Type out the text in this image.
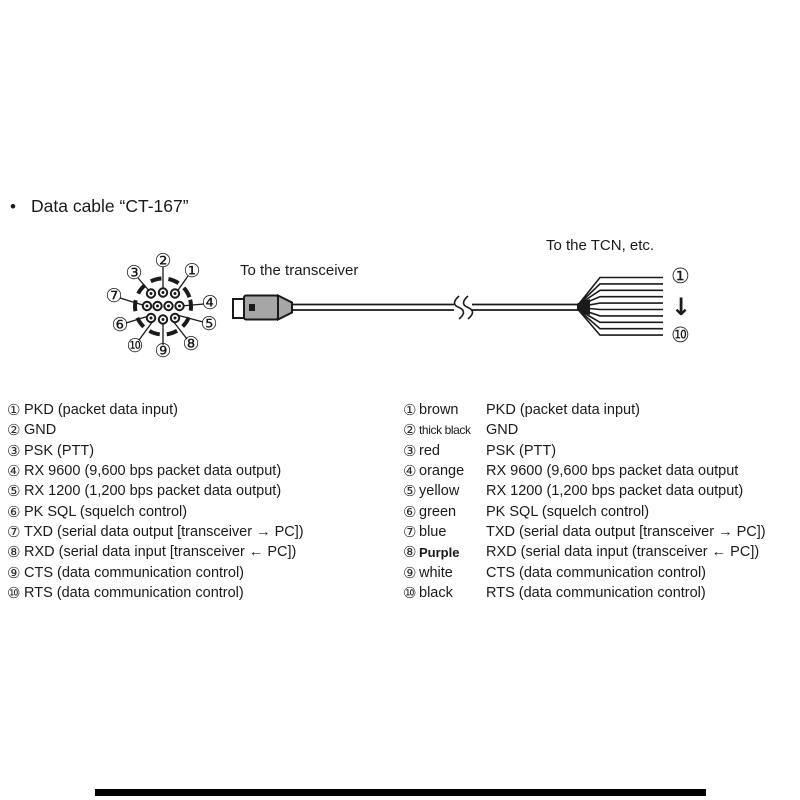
• Data cable “CT-167”
①
②
③
④
⑤
⑥
⑦
⑧
⑨
⑩
To the transceiver
To the TCN, etc.
①
↓
⑩
① PKD (packet data input)
② GND
③ PSK (PTT)
④ RX 9600 (9,600 bps packet data output)
⑤ RX 1200 (1,200 bps packet data output)
⑥ PK SQL (squelch control)
⑦ TXD (serial data output [transceiver → PC])
⑧ RXD (serial data input [transceiver ← PC])
⑨ CTS (data communication control)
⑩ RTS (data communication control)
① brown	PKD (packet data input)
② thick black	GND
③ red	PSK (PTT)
④ orange	RX 9600 (9,600 bps packet data output
⑤ yellow	RX 1200 (1,200 bps packet data output)
⑥ green	PK SQL (squelch control)
⑦ blue	TXD (serial data output [transceiver → PC])
⑧ Purple	RXD (serial data input (transceiver ← PC])
⑨ white	CTS (data communication control)
⑩ black	RTS (data communication control)
